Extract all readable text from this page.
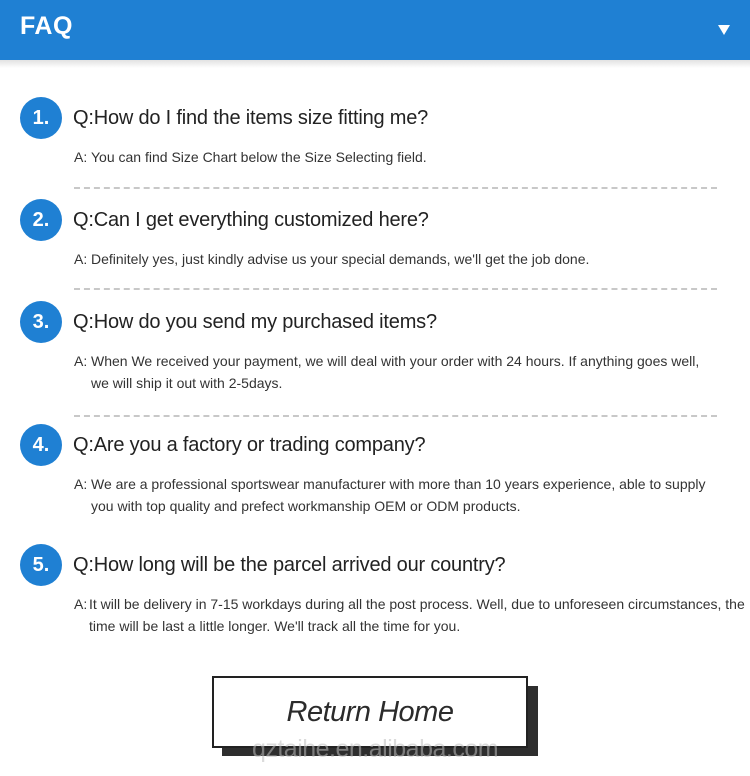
FAQ
1.	Q:How do I find the items size fitting me?
A: You can find Size Chart below the Size Selecting field.
2.	Q:Can I get everything customized here?
A: Definitely yes, just kindly advise us your special demands, we'll get the job done.
3.	Q:How do you send my purchased items?
A: When We received your payment, we will deal with your order with 24 hours. If anything goes well, we will ship it out with 2-5days.
4.	Q:Are you a factory or trading company?
A: We are a professional sportswear manufacturer with more than 10 years experience, able to supply you with top quality and prefect workmanship OEM or ODM products.
5.	Q:How long will be the parcel arrived our country?
A: It will be delivery in 7-15 workdays during all the post process. Well, due to unforeseen circumstances, the time will be last a little longer. We'll track all the time for you.
Return Home
qztaihe.en.alibaba.com
